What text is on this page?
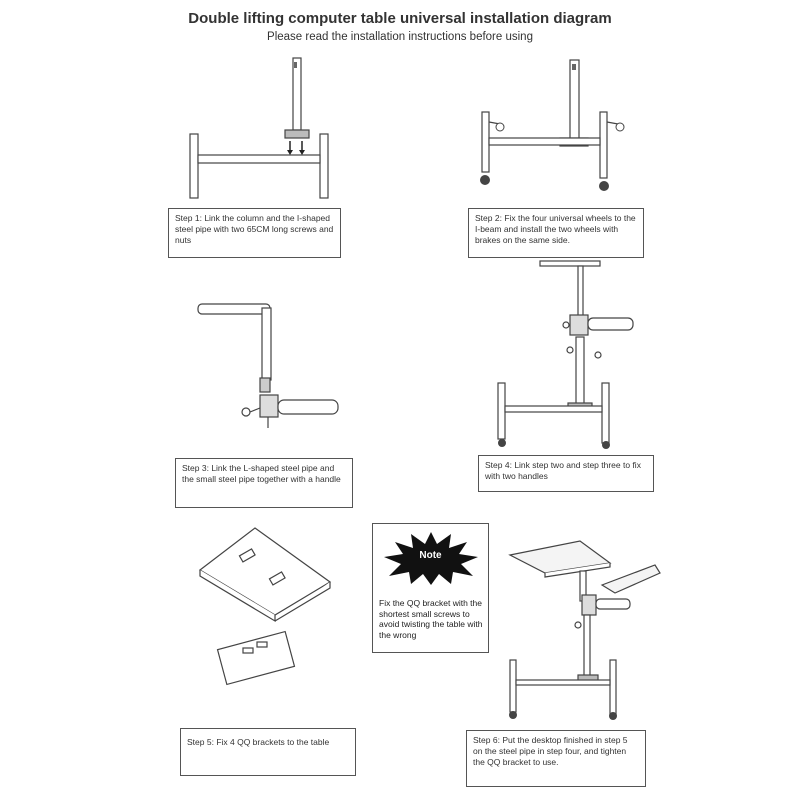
Double lifting computer table universal installation diagram
Please read the installation instructions before using
Step 1: Link the column and the I-shaped steel pipe with two 65CM long screws and nuts
Step 2: Fix the four universal wheels to the I-beam and install the two wheels with brakes on the same side.
Step 3: Link the L-shaped steel pipe and the small steel pipe together with a handle
Step 4: Link step two and step three to fix with two handles
Step 5: Fix 4 QQ brackets to the table	Step 6: Put the desktop finished in step 5 on the steel pipe in step four, and tighten the QQ bracket to use.
Note
Fix the QQ bracket with the shortest small screws to avoid twisting the table with the wrong
